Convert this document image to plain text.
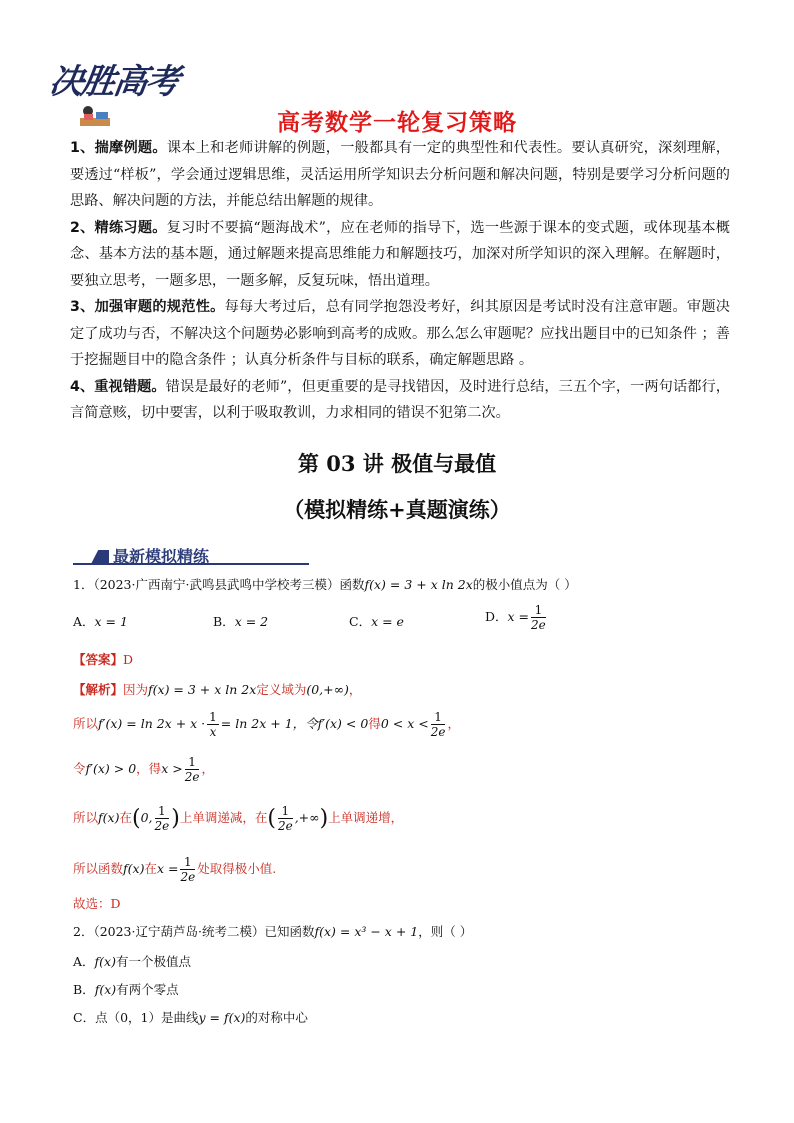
决胜高考
高考数学一轮复习策略

1、揣摩例题。课本上和老师讲解的例题，一般都具有一定的典型性和代表性。要认真研究，深刻理解，要透过“样板”，学会通过逻辑思维，灵活运用所学知识去分析问题和解决问题，特别是要学习分析问题的思路、解决问题的方法，并能总结出解题的规律。

2、精练习题。复习时不要搞“题海战术”，应在老师的指导下，选一些源于课本的变式题，或体现基本概念、基本方法的基本题，通过解题来提高思维能力和解题技巧，加深对所学知识的深入理解。在解题时，要独立思考，一题多思，一题多解，反复玩味，悟出道理。

3、加强审题的规范性。每每大考过后，总有同学抱怨没考好，纠其原因是考试时没有注意审题。审题决定了成功与否，不解决这个问题势必影响到高考的成败。那么怎么审题呢？应找出题目中的已知条件 ；善于挖掘题目中的隐含条件 ；认真分析条件与目标的联系，确定解题思路 。

4、重视错题。错误是最好的老师”，但更重要的是寻找错因，及时进行总结，三五个字，一两句话都行，言简意赅，切中要害，以利于吸取教训，力求相同的错误不犯第二次。

第 03 讲 极值与最值
（模拟精练+真题演练）
最新模拟精练
1．（2023·广西南宁·武鸣县武鸣中学校考三模）函数f(x) = 3 + x ln 2x的极小值点为（ ）
A．x = 1	B．x = 2	C．x = e	D．$x = \frac{1}{2e}$
【答案】D
【解析】因为f(x) = 3 + x ln 2x定义域为(0,+∞)，
所以$f'(x) = \ln 2x + x \cdot \frac{1}{x} = \ln 2x + 1$，令f′(x) < 0得$0 < x < \frac{1}{2e}$ ，
令f′(x) > 0，得$x > \frac{1}{2e}$ ，
所以f(x)在(0, $\frac{1}{2e}$ )上单调递减，在( $\frac{1}{2e}$ ,+∞)上单调递增，
所以函数f(x)在$x = \frac{1}{2e}$ 处取得极小值.
故选：D
2．（2023·辽宁葫芦岛·统考二模）已知函数f(x) = x³ − x + 1，则（ ）
A．f(x)有一个极值点
B．f(x)有两个零点
C．点（0，1）是曲线y = f(x)的对称中心
